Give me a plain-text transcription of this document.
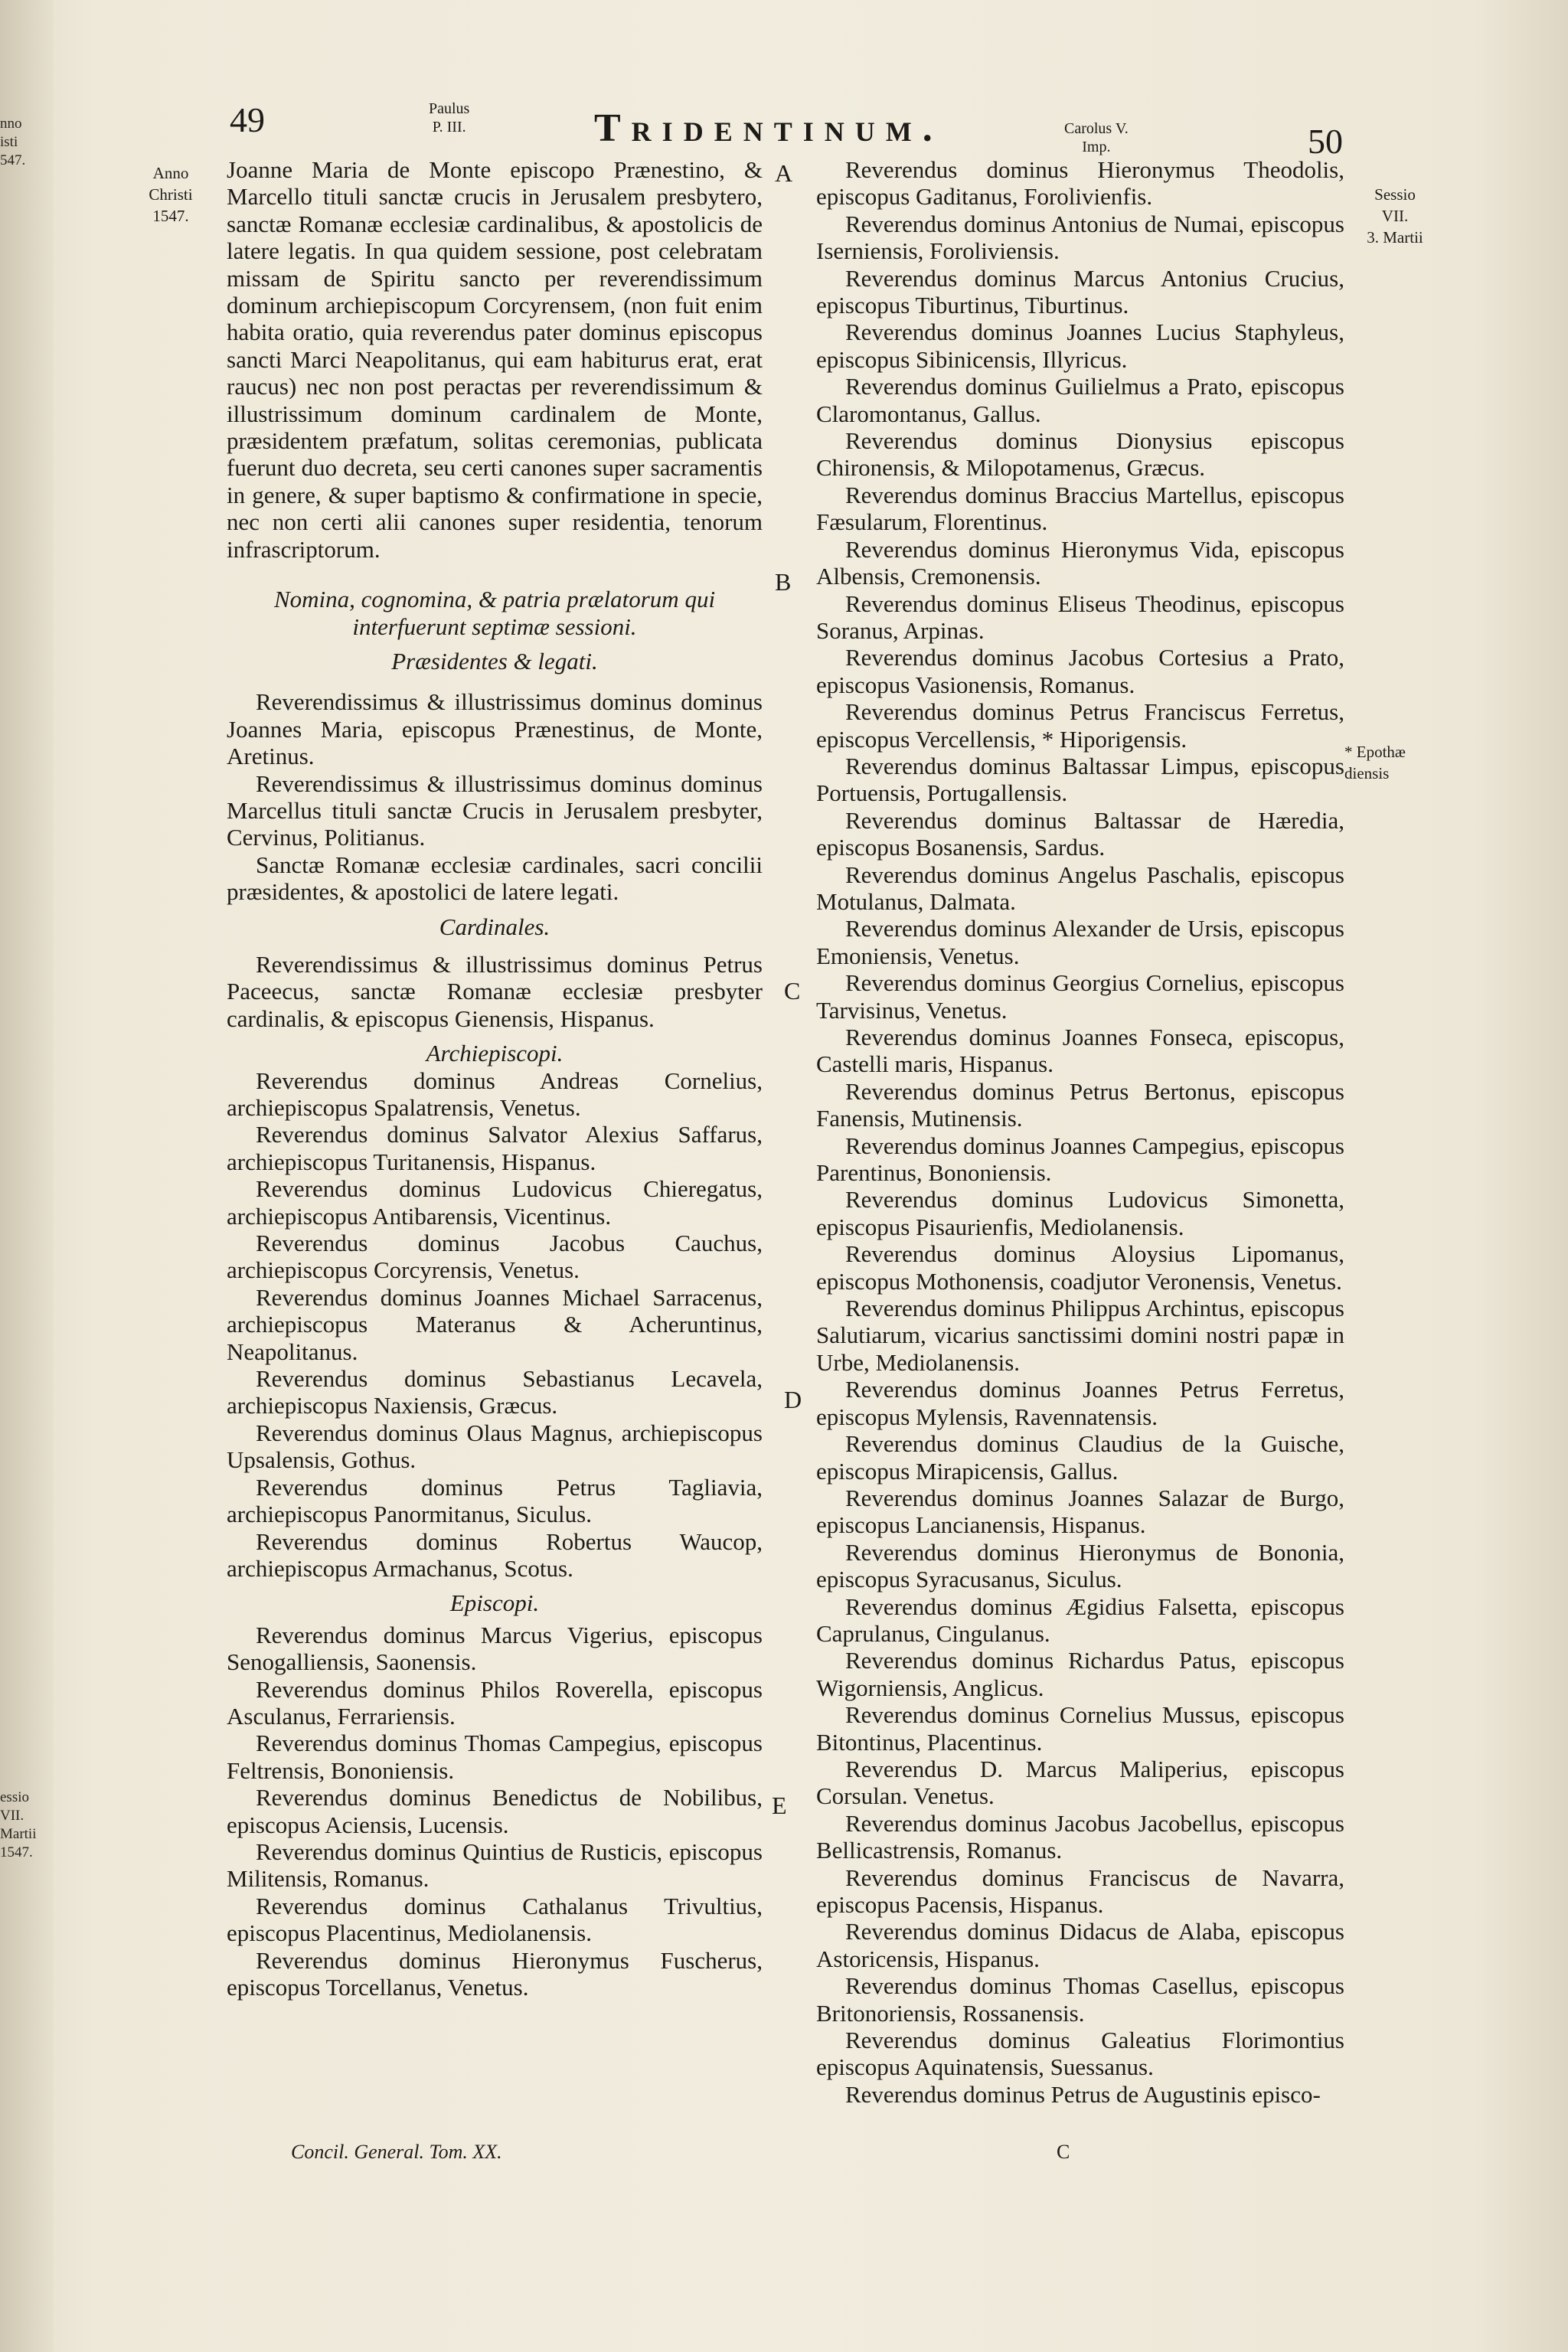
nno
isti
547.
essio
VII.
Martii
1547.
49	Paulus
P. III.	Tridentinum.	Carolus V.
Imp.	50
Anno
Christi
1547.
Sessio
VII.
3. Martii
* Epothæ
diensis
A
B
C
D
E

Joanne Maria de Monte episcopo Prænestino, & Marcello tituli sanctæ crucis in Jerusalem presbytero, sanctæ Romanæ ecclesiæ cardinalibus, & apostolicis de latere legatis. In qua quidem sessione, post celebratam missam de Spiritu sancto per reverendissimum dominum archiepiscopum Corcyrensem, (non fuit enim habita oratio, quia reverendus pater dominus episcopus sancti Marci Neapolitanus, qui eam habiturus erat, erat raucus) nec non post peractas per reverendissimum & illustrissimum dominum cardinalem de Monte, præsidentem præfatum, solitas ceremonias, publicata fuerunt duo decreta, seu certi canones super sacramentis in genere, & super baptismo & confirmatione in specie, nec non certi alii canones super residentia, tenorum infrascriptorum.

Nomina, cognomina, & patria prælatorum qui interfuerunt septimæ sessioni.

Præsidentes & legati.

Reverendissimus & illustrissimus dominus dominus Joannes Maria, episcopus Prænestinus, de Monte, Aretinus.

Reverendissimus & illustrissimus dominus dominus Marcellus tituli sanctæ Crucis in Jerusalem presbyter, Cervinus, Politianus.

Sanctæ Romanæ ecclesiæ cardinales, sacri concilii præsidentes, & apostolici de latere legati.

Cardinales.

Reverendissimus & illustrissimus dominus Petrus Paceecus, sanctæ Romanæ ecclesiæ presbyter cardinalis, & episcopus Gienensis, Hispanus.

Archiepiscopi.

Reverendus dominus Andreas Cornelius, archiepiscopus Spalatrensis, Venetus.

Reverendus dominus Salvator Alexius Saffarus, archiepiscopus Turitanensis, Hispanus.

Reverendus dominus Ludovicus Chieregatus, archiepiscopus Antibarensis, Vicentinus.

Reverendus dominus Jacobus Cauchus, archiepiscopus Corcyrensis, Venetus.

Reverendus dominus Joannes Michael Sarracenus, archiepiscopus Materanus & Acheruntinus, Neapolitanus.

Reverendus dominus Sebastianus Lecavela, archiepiscopus Naxiensis, Græcus.

Reverendus dominus Olaus Magnus, archiepiscopus Upsalensis, Gothus.

Reverendus dominus Petrus Tagliavia, archiepiscopus Panormitanus, Siculus.

Reverendus dominus Robertus Waucop, archiepiscopus Armachanus, Scotus.

Episcopi.

Reverendus dominus Marcus Vigerius, episcopus Senogalliensis, Saonensis.

Reverendus dominus Philos Roverella, episcopus Asculanus, Ferrariensis.

Reverendus dominus Thomas Campegius, episcopus Feltrensis, Bononiensis.

Reverendus dominus Benedictus de Nobilibus, episcopus Aciensis, Lucensis.

Reverendus dominus Quintius de Rusticis, episcopus Militensis, Romanus.

Reverendus dominus Cathalanus Trivultius, episcopus Placentinus, Mediolanensis.

Reverendus dominus Hieronymus Fuscherus, episcopus Torcellanus, Venetus.

Concil. General. Tom. XX.

Reverendus dominus Hieronymus Theodolis, episcopus Gaditanus, Forolivienfis.

Reverendus dominus Antonius de Numai, episcopus Iserniensis, Foroliviensis.

Reverendus dominus Marcus Antonius Crucius, episcopus Tiburtinus, Tiburtinus.

Reverendus dominus Joannes Lucius Staphyleus, episcopus Sibinicensis, Illyricus.

Reverendus dominus Guilielmus a Prato, episcopus Claromontanus, Gallus.

Reverendus dominus Dionysius episcopus Chironensis, & Milopotamenus, Græcus.

Reverendus dominus Braccius Martellus, episcopus Fæsularum, Florentinus.

Reverendus dominus Hieronymus Vida, episcopus Albensis, Cremonensis.

Reverendus dominus Eliseus Theodinus, episcopus Soranus, Arpinas.

Reverendus dominus Jacobus Cortesius a Prato, episcopus Vasionensis, Romanus.

Reverendus dominus Petrus Franciscus Ferretus, episcopus Vercellensis, * Hiporigensis.

Reverendus dominus Baltassar Limpus, episcopus Portuensis, Portugallensis.

Reverendus dominus Baltassar de Hæredia, episcopus Bosanensis, Sardus.

Reverendus dominus Angelus Paschalis, episcopus Motulanus, Dalmata.

Reverendus dominus Alexander de Ursis, episcopus Emoniensis, Venetus.

Reverendus dominus Georgius Cornelius, episcopus Tarvisinus, Venetus.

Reverendus dominus Joannes Fonseca, episcopus, Castelli maris, Hispanus.

Reverendus dominus Petrus Bertonus, episcopus Fanensis, Mutinensis.

Reverendus dominus Joannes Campegius, episcopus Parentinus, Bononiensis.

Reverendus dominus Ludovicus Simonetta, episcopus Pisaurienfis, Mediolanensis.

Reverendus dominus Aloysius Lipomanus, episcopus Mothonensis, coadjutor Veronensis, Venetus.

Reverendus dominus Philippus Archintus, episcopus Salutiarum, vicarius sanctissimi domini nostri papæ in Urbe, Mediolanensis.

Reverendus dominus Joannes Petrus Ferretus, episcopus Mylensis, Ravennatensis.

Reverendus dominus Claudius de la Guische, episcopus Mirapicensis, Gallus.

Reverendus dominus Joannes Salazar de Burgo, episcopus Lancianensis, Hispanus.

Reverendus dominus Hieronymus de Bononia, episcopus Syracusanus, Siculus.

Reverendus dominus Ægidius Falsetta, episcopus Caprulanus, Cingulanus.

Reverendus dominus Richardus Patus, episcopus Wigorniensis, Anglicus.

Reverendus dominus Cornelius Mussus, episcopus Bitontinus, Placentinus.

Reverendus D. Marcus Maliperius, episcopus Corsulan. Venetus.

Reverendus dominus Jacobus Jacobellus, episcopus Bellicastrensis, Romanus.

Reverendus dominus Franciscus de Navarra, episcopus Pacensis, Hispanus.

Reverendus dominus Didacus de Alaba, episcopus Astoricensis, Hispanus.

Reverendus dominus Thomas Casellus, episcopus Britonoriensis, Rossanensis.

Reverendus dominus Galeatius Florimontius episcopus Aquinatensis, Suessanus.

Reverendus dominus Petrus de Augustinis episco-

C
